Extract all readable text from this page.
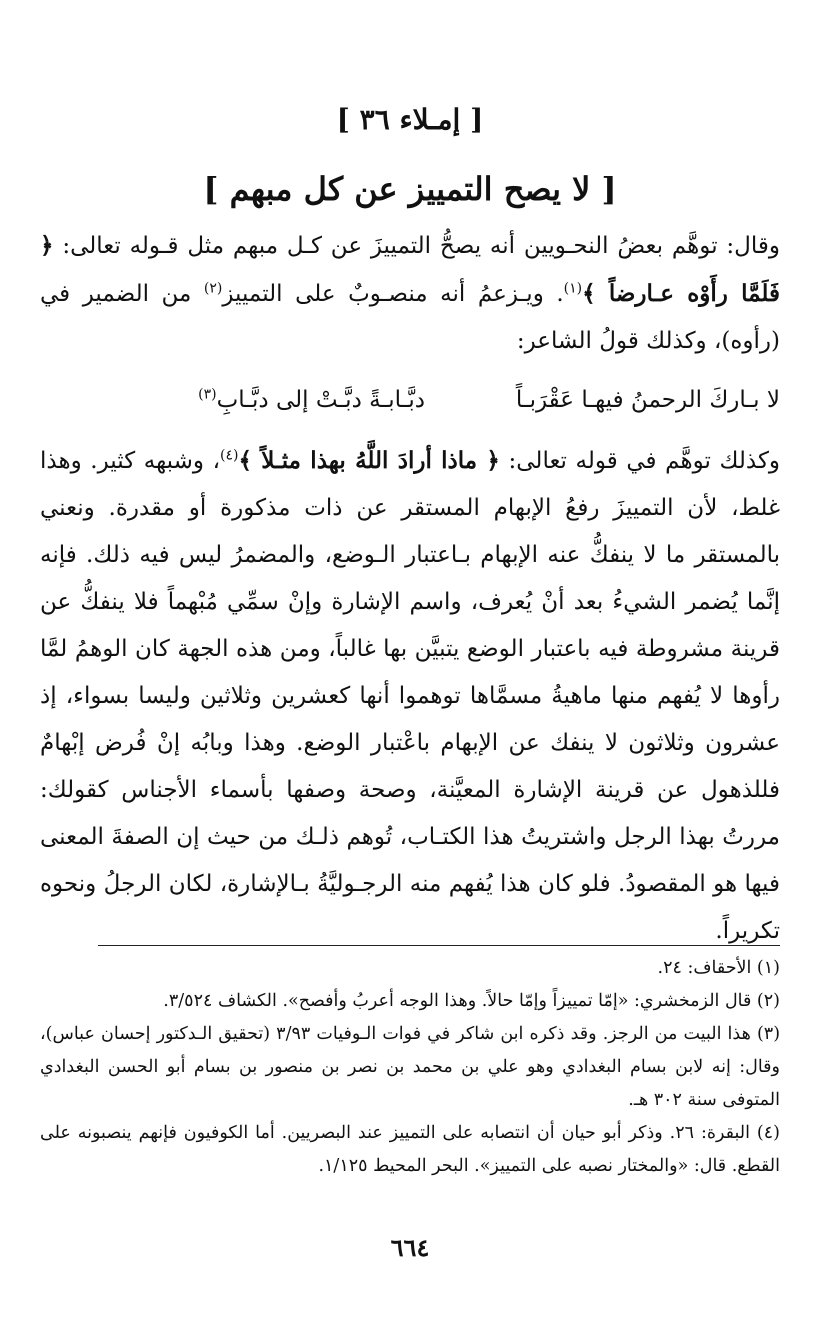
[ إمـلاء ٣٦ ]
[ لا يصح التمييز عن كل مبهم ]

وقال: توهَّم بعضُ النحـويين أنه يصحُّ التمييزَ عن كـل مبهم مثل قـوله تعالى: ﴿ فَلَمَّا رأَوْه عـارضاً ﴾$^{(١)}$. ويـزعمُ أنه منصـوبٌ على التمييز$^{(٢)}$ من الضمير في (رأوه)، وكذلك قولُ الشاعر:

لا بـاركَ الرحمنُ فيهـا عَقْرَبـاً
دبَّـابـةً دبَّـتْ إلى دبَّـابِ$^{(٣)}$

وكذلك توهَّم في قوله تعالى: ﴿ ماذا أرادَ اللَّهُ بهذا مثـلاً ﴾$^{(٤)}$، وشبهه كثير. وهذا غلط، لأن التمييزَ رفعُ الإبهام المستقر عن ذات مذكورة أو مقدرة. ونعني بالمستقر ما لا ينفكُّ عنه الإبهام بـاعتبار الـوضع، والمضمرُ ليس فيه ذلك. فإنه إنَّما يُضمر الشيءُ بعد أنْ يُعرف، واسم الإشارة وإنْ سمِّي مُبْهماً فلا ينفكُّ عن قرينة مشروطة فيه باعتبار الوضع يتبيَّن بها غالباً، ومن هذه الجهة كان الوهمُ لمَّا رأوها لا يُفهم منها ماهيةُ مسمَّاها توهموا أنها كعشرين وثلاثين وليسا بسواء، إذ عشرون وثلاثون لا ينفك عن الإبهام باعْتبار الوضع. وهذا وبابُه إنْ فُرض إبْهامٌ فللذهول عن قرينة الإشارة المعيَّنة، وصحة وصفها بأسماء الأجناس كقولك: مررتُ بهذا الرجل واشتريتُ هذا الكتـاب، تُوهم ذلـك من حيث إن الصفةَ المعنى فيها هو المقصودُ. فلو كان هذا يُفهم منه الرجـوليَّةُ بـالإشارة، لكان الرجلُ ونحوه تكريراً.

(١) الأحقاف: ٢٤.

(٢) قال الزمخشري: «إمّا تمييزاً وإمّا حالاً. وهذا الوجه أعربُ وأفصح». الكشاف ٣/٥٢٤.

(٣) هذا البيت من الرجز. وقد ذكره ابن شاكر في فوات الـوفيات ٣/٩٣ (تحقيق الـدكتور إحسان عباس)، وقال: إنه لابن بسام البغدادي وهو علي بن محمد بن نصر بن منصور بن بسام أبو الحسن البغدادي المتوفى سنة ٣٠٢ هـ.

(٤) البقرة: ٢٦. وذكر أبو حيان أن انتصابه على التمييز عند البصريين. أما الكوفيون فإنهم ينصبونه على القطع. قال: «والمختار نصبه على التمييز». البحر المحيط ١/١٢٥.

٦٦٤
